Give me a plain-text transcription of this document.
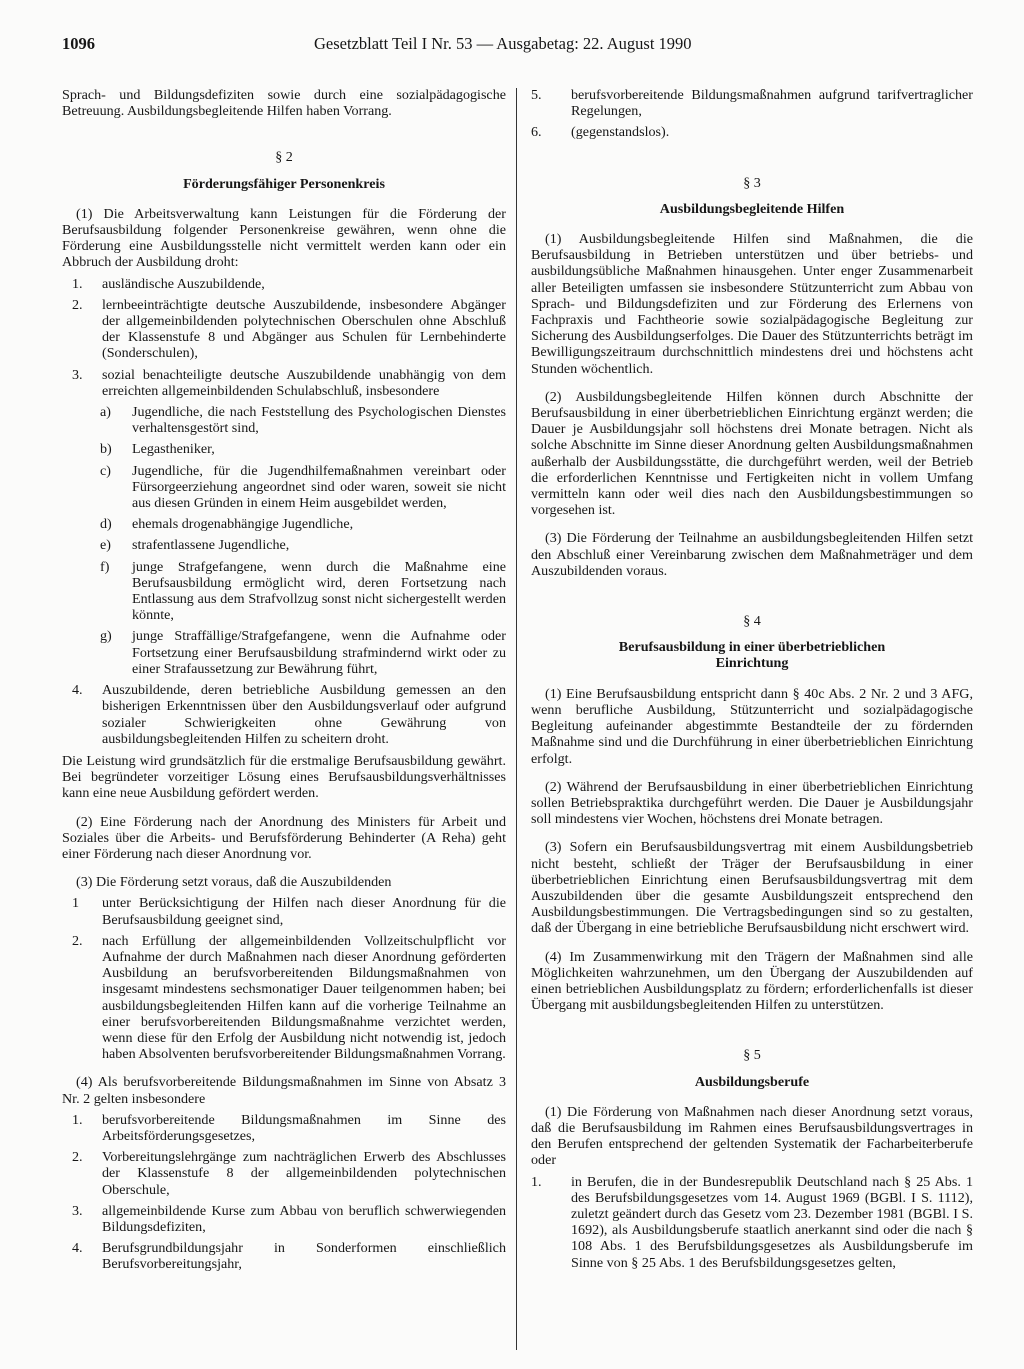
1096	Gesetzblatt Teil I Nr. 53 — Ausgabetag: 22. August 1990

Sprach- und Bildungsdefiziten sowie durch eine sozialpädagogische Betreuung. Ausbildungsbegleitende Hilfen haben Vorrang.

§ 2

Förderungsfähiger Personenkreis

(1) Die Arbeitsverwaltung kann Leistungen für die Förderung der Berufsausbildung folgender Personenkreise gewähren, wenn ohne die Förderung eine Ausbildungsstelle nicht vermittelt werden kann oder ein Abbruch der Ausbildung droht:

1. ausländische Auszubildende,
2. lernbeeinträchtigte deutsche Auszubildende, insbesondere Abgänger der allgemeinbildenden polytechnischen Oberschulen ohne Abschluß der Klassenstufe 8 und Abgänger aus Schulen für Lernbehinderte (Sonderschulen),
3. sozial benachteiligte deutsche Auszubildende unabhängig von dem erreichten allgemeinbildenden Schulabschluß, insbesondere
a) Jugendliche, die nach Feststellung des Psychologischen Dienstes verhaltensgestört sind,
b) Legastheniker,
c) Jugendliche, für die Jugendhilfemaßnahmen vereinbart oder Fürsorgeerziehung angeordnet sind oder waren, soweit sie nicht aus diesen Gründen in einem Heim ausgebildet werden,
d) ehemals drogenabhängige Jugendliche,
e) strafentlassene Jugendliche,
f) junge Strafgefangene, wenn durch die Maßnahme eine Berufsausbildung ermöglicht wird, deren Fortsetzung nach Entlassung aus dem Strafvollzug sonst nicht sichergestellt werden könnte,
g) junge Straffällige/Strafgefangene, wenn die Aufnahme oder Fortsetzung einer Berufsausbildung strafmindernd wirkt oder zu einer Strafaussetzung zur Bewährung führt,
4. Auszubildende, deren betriebliche Ausbildung gemessen an den bisherigen Erkenntnissen über den Ausbildungsverlauf oder aufgrund sozialer Schwierigkeiten ohne Gewährung von ausbildungsbegleitenden Hilfen zu scheitern droht.

Die Leistung wird grundsätzlich für die erstmalige Berufsausbildung gewährt. Bei begründeter vorzeitiger Lösung eines Berufsausbildungsverhältnisses kann eine neue Ausbildung gefördert werden.

(2) Eine Förderung nach der Anordnung des Ministers für Arbeit und Soziales über die Arbeits- und Berufsförderung Behinderter (A Reha) geht einer Förderung nach dieser Anordnung vor.

(3) Die Förderung setzt voraus, daß die Auszubildenden

1 unter Berücksichtigung der Hilfen nach dieser Anordnung für die Berufsausbildung geeignet sind,
2. nach Erfüllung der allgemeinbildenden Vollzeitschulpflicht vor Aufnahme der durch Maßnahmen nach dieser Anordnung geförderten Ausbildung an berufsvorbereitenden Bildungsmaßnahmen von insgesamt mindestens sechsmonatiger Dauer teilgenommen haben; bei ausbildungsbegleitenden Hilfen kann auf die vorherige Teilnahme an einer berufsvorbereitenden Bildungsmaßnahme verzichtet werden, wenn diese für den Erfolg der Ausbildung nicht notwendig ist, jedoch haben Absolventen berufsvorbereitender Bildungsmaßnahmen Vorrang.

(4) Als berufsvorbereitende Bildungsmaßnahmen im Sinne von Absatz 3 Nr. 2 gelten insbesondere

1. berufsvorbereitende Bildungsmaßnahmen im Sinne des Arbeitsförderungsgesetzes,
2. Vorbereitungslehrgänge zum nachträglichen Erwerb des Abschlusses der Klassenstufe 8 der allgemeinbildenden polytechnischen Oberschule,
3. allgemeinbildende Kurse zum Abbau von beruflich schwerwiegenden Bildungsdefiziten,
4. Berufsgrundbildungsjahr in Sonderformen einschließlich Berufsvorbereitungsjahr,
5. berufsvorbereitende Bildungsmaßnahmen aufgrund tarifvertraglicher Regelungen,
6. (gegenstandslos).

§ 3

Ausbildungsbegleitende Hilfen

(1) Ausbildungsbegleitende Hilfen sind Maßnahmen, die die Berufsausbildung in Betrieben unterstützen und über betriebs- und ausbildungsübliche Maßnahmen hinausgehen. Unter enger Zusammenarbeit aller Beteiligten umfassen sie insbesondere Stützunterricht zum Abbau von Sprach- und Bildungsdefiziten und zur Förderung des Erlernens von Fachpraxis und Fachtheorie sowie sozialpädagogische Begleitung zur Sicherung des Ausbildungserfolges. Die Dauer des Stützunterrichts beträgt im Bewilligungszeitraum durchschnittlich mindestens drei und höchstens acht Stunden wöchentlich.

(2) Ausbildungsbegleitende Hilfen können durch Abschnitte der Berufsausbildung in einer überbetrieblichen Einrichtung ergänzt werden; die Dauer je Ausbildungsjahr soll höchstens drei Monate betragen. Nicht als solche Abschnitte im Sinne dieser Anordnung gelten Ausbildungsmaßnahmen außerhalb der Ausbildungsstätte, die durchgeführt werden, weil der Betrieb die erforderlichen Kenntnisse und Fertigkeiten nicht in vollem Umfang vermitteln kann oder weil dies nach den Ausbildungsbestimmungen so vorgesehen ist.

(3) Die Förderung der Teilnahme an ausbildungsbegleitenden Hilfen setzt den Abschluß einer Vereinbarung zwischen dem Maßnahmeträger und dem Auszubildenden voraus.

§ 4

Berufsausbildung in einer überbetrieblichen

Einrichtung

(1) Eine Berufsausbildung entspricht dann § 40c Abs. 2 Nr. 2 und 3 AFG, wenn berufliche Ausbildung, Stützunterricht und sozialpädagogische Begleitung aufeinander abgestimmte Bestandteile der zu fördernden Maßnahme sind und die Durchführung in einer überbetrieblichen Einrichtung erfolgt.

(2) Während der Berufsausbildung in einer überbetrieblichen Einrichtung sollen Betriebspraktika durchgeführt werden. Die Dauer je Ausbildungsjahr soll mindestens vier Wochen, höchstens drei Monate betragen.

(3) Sofern ein Berufsausbildungsvertrag mit einem Ausbildungsbetrieb nicht besteht, schließt der Träger der Berufsausbildung in einer überbetrieblichen Einrichtung einen Berufsausbildungsvertrag mit dem Auszubildenden über die gesamte Ausbildungszeit entsprechend den Ausbildungsbestimmungen. Die Vertragsbedingungen sind so zu gestalten, daß der Übergang in eine betriebliche Berufsausbildung nicht erschwert wird.

(4) Im Zusammenwirkung mit den Trägern der Maßnahmen sind alle Möglichkeiten wahrzunehmen, um den Übergang der Auszubildenden auf einen betrieblichen Ausbildungsplatz zu fördern; erforderlichenfalls ist dieser Übergang mit ausbildungsbegleitenden Hilfen zu unterstützen.

§ 5

Ausbildungsberufe

(1) Die Förderung von Maßnahmen nach dieser Anordnung setzt voraus, daß die Berufsausbildung im Rahmen eines Berufsausbildungsvertrages in den Berufen entsprechend der geltenden Systematik der Facharbeiterberufe oder

1. in Berufen, die in der Bundesrepublik Deutschland nach § 25 Abs. 1 des Berufsbildungsgesetzes vom 14. August 1969 (BGBl. I S. 1112), zuletzt geändert durch das Gesetz vom 23. Dezember 1981 (BGBl. I S. 1692), als Ausbildungsberufe staatlich anerkannt sind oder die nach § 108 Abs. 1 des Berufsbildungsgesetzes als Ausbildungsberufe im Sinne von § 25 Abs. 1 des Berufsbildungsgesetzes gelten,
